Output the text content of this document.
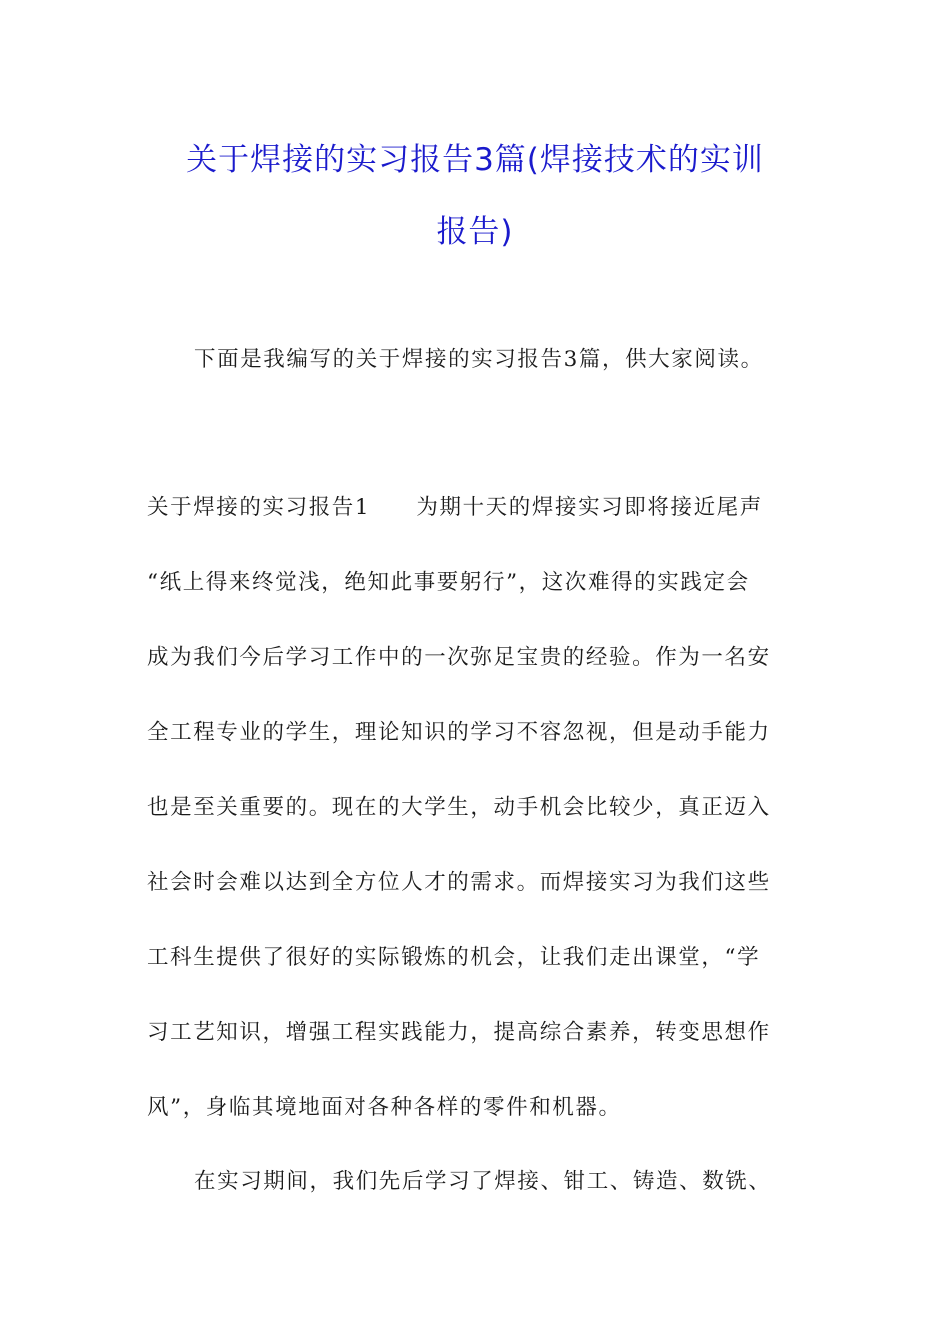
关于焊接的实习报告3篇(焊接技术的实训
报告)
下面是我编写的关于焊接的实习报告3篇，供大家阅读。
关于焊接的实习报告1　　为期十天的焊接实习即将接近尾声
“纸上得来终觉浅，绝知此事要躬行”，这次难得的实践定会
成为我们今后学习工作中的一次弥足宝贵的经验。作为一名安
全工程专业的学生，理论知识的学习不容忽视，但是动手能力
也是至关重要的。现在的大学生，动手机会比较少，真正迈入
社会时会难以达到全方位人才的需求。而焊接实习为我们这些
工科生提供了很好的实际锻炼的机会，让我们走出课堂，“学
习工艺知识，增强工程实践能力，提高综合素养，转变思想作
风”，身临其境地面对各种各样的零件和机器。
在实习期间，我们先后学习了焊接、钳工、铸造、数铣、
